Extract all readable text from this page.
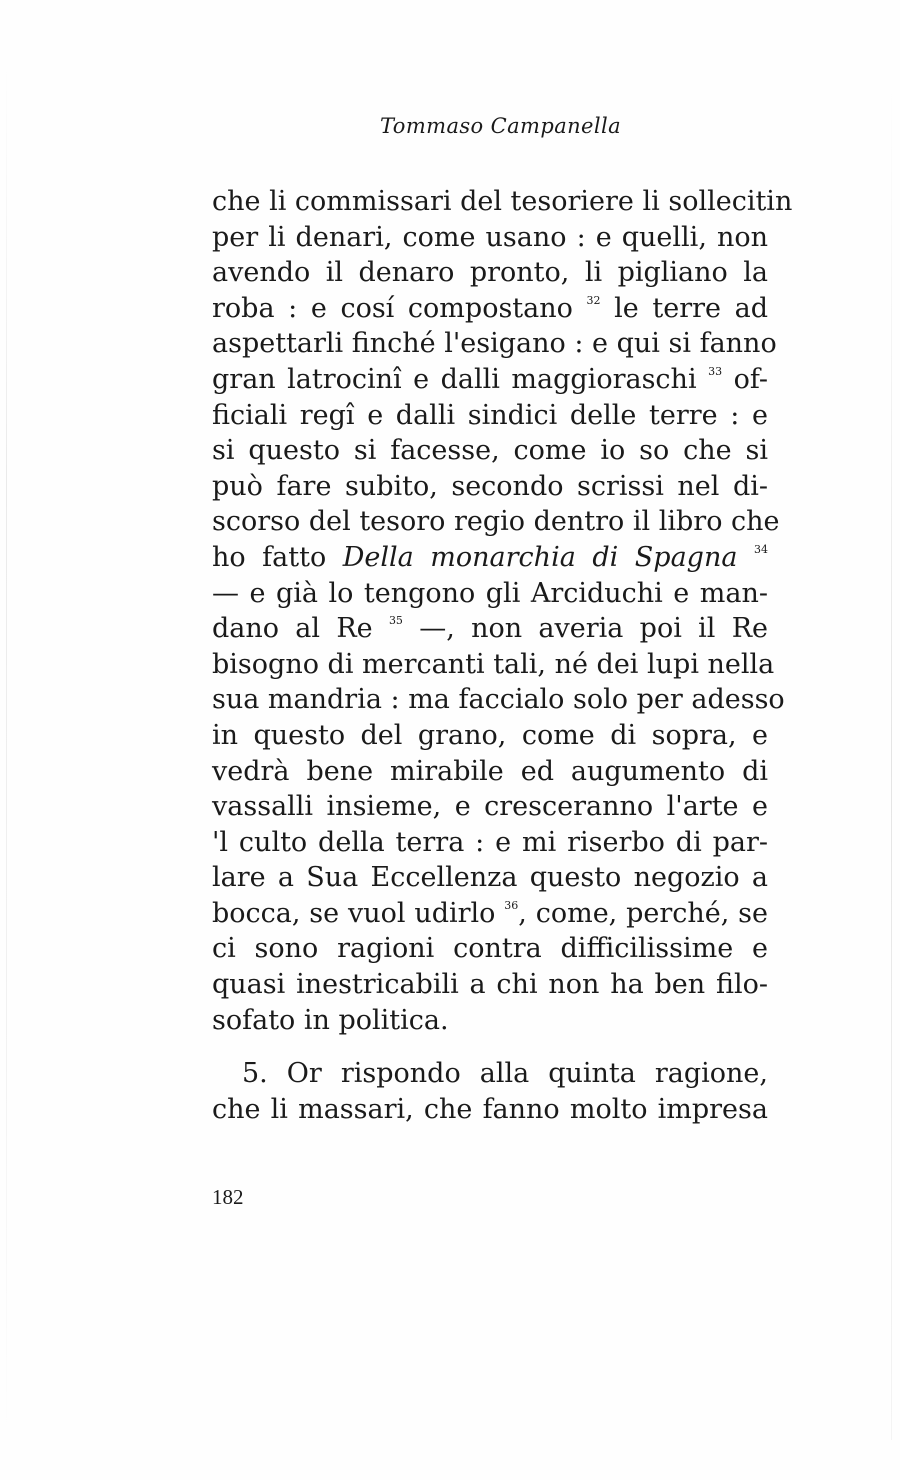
Tommaso Campanella
che li commissari del tesoriere li sollecitin
per li denari, come usano : e quelli, non
avendo il denaro pronto, li pigliano la
roba : e cosí compostano $^{32}$ le terre ad
aspettarli finché l'esigano : e qui si fanno
gran latrocinî e dalli maggioraschi $^{33}$ of-
ficiali regî e dalli sindici delle terre : e
si questo si facesse, come io so che si
può fare subito, secondo scrissi nel di-
scorso del tesoro regio dentro il libro che
ho fatto Della monarchia di Spagna $^{34}$
— e già lo tengono gli Arciduchi e man-
dano al Re $^{35}$ —, non averia poi il Re
bisogno di mercanti tali, né dei lupi nella
sua mandria : ma faccialo solo per adesso
in questo del grano, come di sopra, e
vedrà bene mirabile ed augumento di
vassalli insieme, e cresceranno l'arte e
'l culto della terra : e mi riserbo di par-
lare a Sua Eccellenza questo negozio a
bocca, se vuol udirlo $^{36}$, come, perché, se
ci sono ragioni contra difficilissime e
quasi inestricabili a chi non ha ben filo-
sofato in politica.
5. Or rispondo alla quinta ragione,
che li massari, che fanno molto impresa
182
